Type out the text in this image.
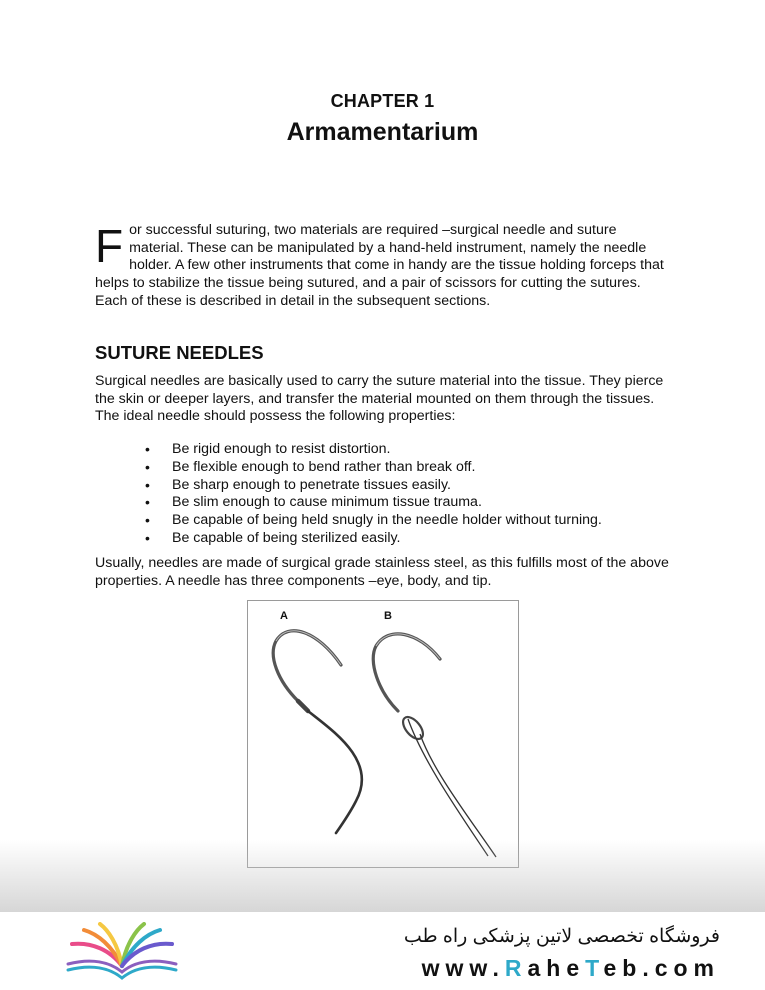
CHAPTER 1
Armamentarium

For successful suturing, two materials are required –surgical needle and suture material. These can be manipulated by a hand-held instrument, namely the needle holder. A few other instruments that come in handy are the tissue holding forceps that helps to stabilize the tissue being sutured, and a pair of scissors for cutting the sutures. Each of these is described in detail in the subsequent sections.

SUTURE NEEDLES

Surgical needles are basically used to carry the suture material into the tissue. They pierce the skin or deeper layers, and transfer the material mounted on them through the tissues. The ideal needle should possess the following properties:

• Be rigid enough to resist distortion.
• Be flexible enough to bend rather than break off.
• Be sharp enough to penetrate tissues easily.
• Be slim enough to cause minimum tissue trauma.
• Be capable of being held snugly in the needle holder without turning.
• Be capable of being sterilized easily.

Usually, needles are made of surgical grade stainless steel, as this fulfills most of the above properties. A needle has three components –eye, body, and tip.

A	B
فروشگاه تخصصی لاتین پزشکی راه طب
www.RaheTeb.com
